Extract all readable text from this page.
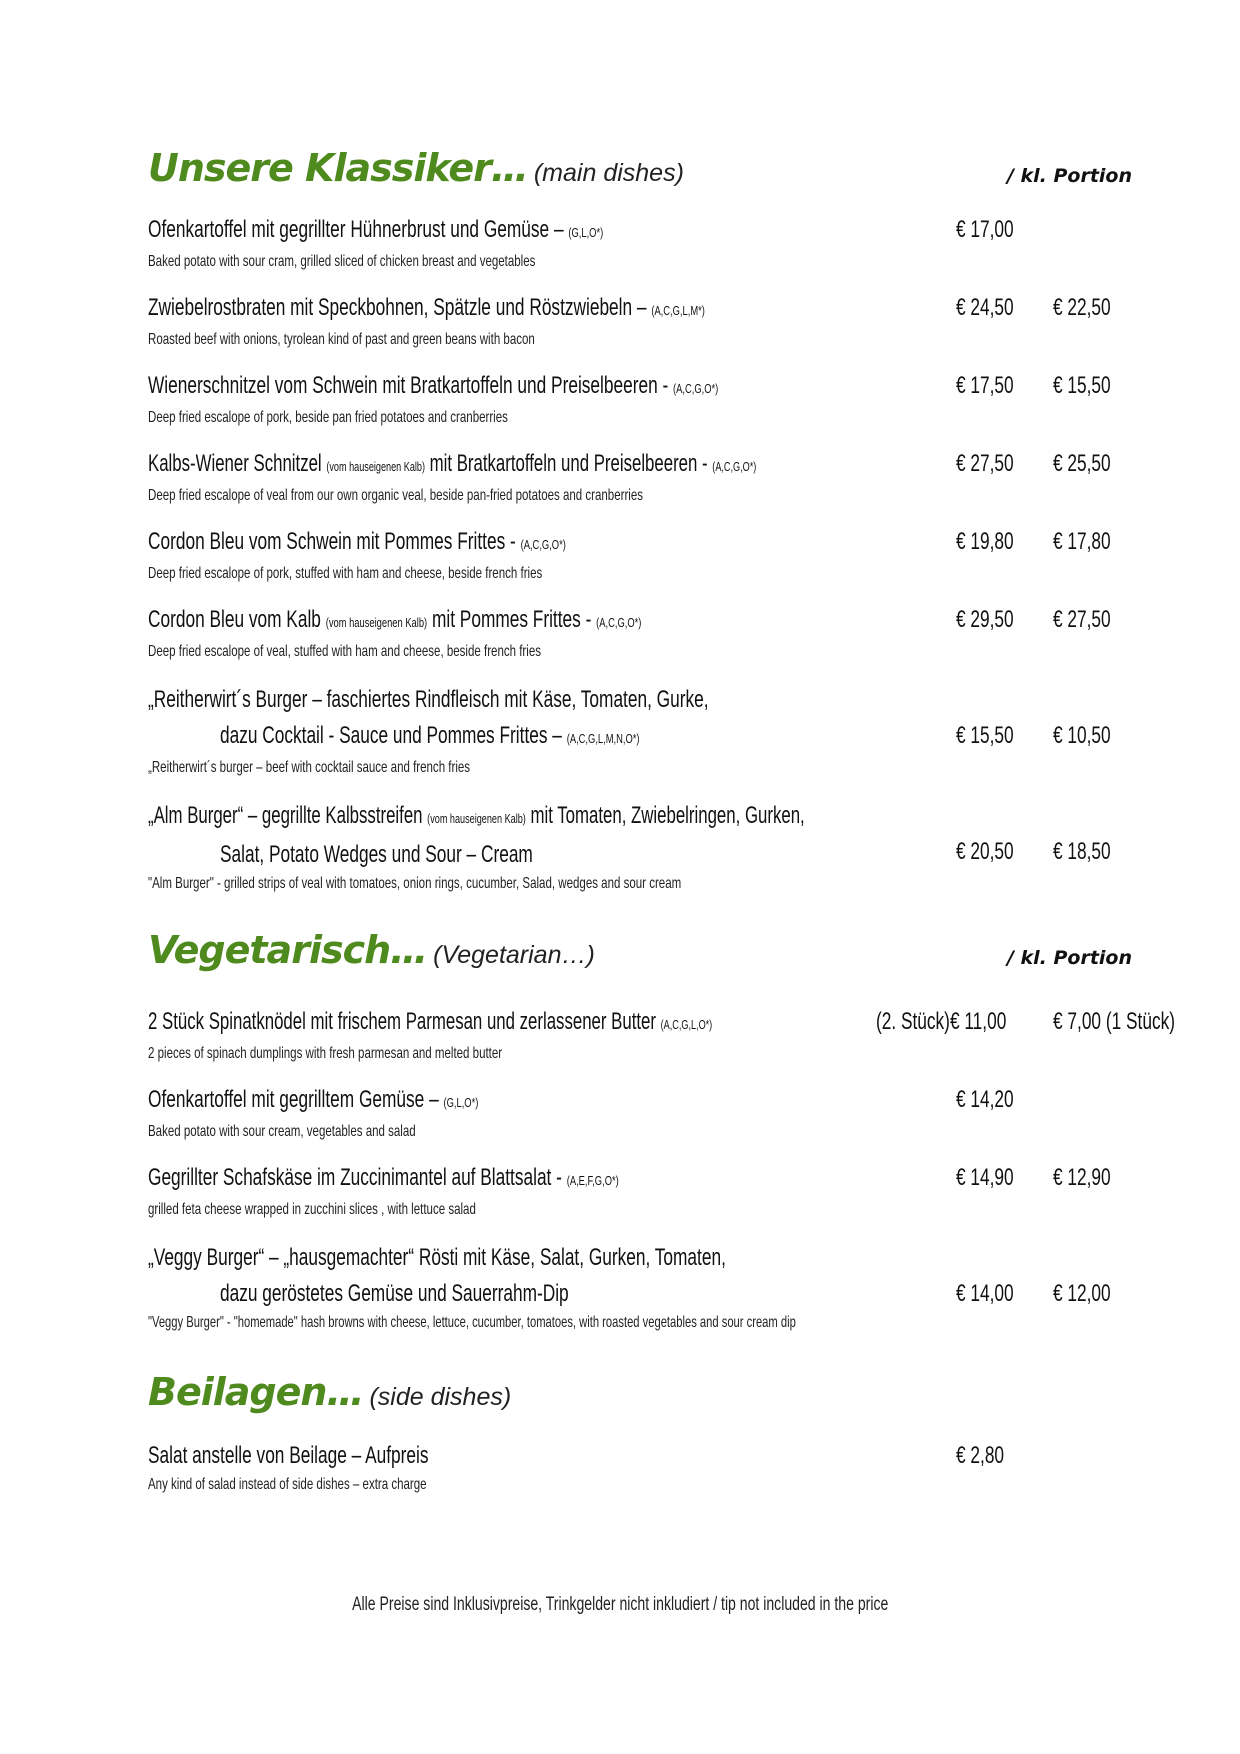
Unsere Klassiker… (main dishes)	/ kl. Portion
Ofenkartoffel mit gegrillter Hühnerbrust und Gemüse – (G,L,O*)
Baked potato with sour cram, grilled sliced of chicken breast and vegetables
€ 17,00
Zwiebelrostbraten mit Speckbohnen, Spätzle und Röstzwiebeln – (A,C,G,L,M*)
Roasted beef with onions, tyrolean kind of past and green beans with bacon
€ 24,50	€ 22,50
Wienerschnitzel vom Schwein mit Bratkartoffeln und Preiselbeeren - (A,C,G,O*)
Deep fried escalope of pork, beside pan fried potatoes and cranberries
€ 17,50	€ 15,50
Kalbs-Wiener Schnitzel (vom hauseigenen Kalb) mit Bratkartoffeln und Preiselbeeren - (A,C,G,O*)
Deep fried escalope of veal from our own organic veal, beside pan-fried potatoes and cranberries
€ 27,50	€ 25,50
Cordon Bleu vom Schwein mit Pommes Frittes - (A,C,G,O*)
Deep fried escalope of pork, stuffed with ham and cheese, beside french fries
€ 19,80	€ 17,80
Cordon Bleu vom Kalb (vom hauseigenen Kalb) mit Pommes Frittes - (A,C,G,O*)
Deep fried escalope of veal, stuffed with ham and cheese, beside french fries
€ 29,50	€ 27,50
„Reitherwirt´s Burger – faschiertes Rindfleisch mit Käse, Tomaten, Gurke,
dazu Cocktail - Sauce und Pommes Frittes – (A,C,G,L,M,N,O*)
„Reitherwirt´s burger – beef with cocktail sauce and french fries
€ 15,50	€ 10,50
„Alm Burger“ – gegrillte Kalbsstreifen (vom hauseigenen Kalb) mit Tomaten, Zwiebelringen, Gurken,
Salat, Potato Wedges und Sour – Cream
"Alm Burger" - grilled strips of veal with tomatoes, onion rings, cucumber, Salad, wedges and sour cream
€ 20,50	€ 18,50
Vegetarisch… (Vegetarian…)	/ kl. Portion
2 Stück Spinatknödel mit frischem Parmesan und zerlassener Butter (A,C,G,L,O*)
2 pieces of spinach dumplings with fresh parmesan and melted butter
(2. Stück)€ 11,00	€ 7,00 (1 Stück)
Ofenkartoffel mit gegrilltem Gemüse – (G,L,O*)
Baked potato with sour cream, vegetables and salad
€ 14,20
Gegrillter Schafskäse im Zuccinimantel auf Blattsalat - (A,E,F,G,O*)
grilled feta cheese wrapped in zucchini slices , with lettuce salad
€ 14,90	€ 12,90
„Veggy Burger“ – „hausgemachter“ Rösti mit Käse, Salat, Gurken, Tomaten,
dazu geröstetes Gemüse und Sauerrahm-Dip
"Veggy Burger" - "homemade" hash browns with cheese, lettuce, cucumber, tomatoes, with roasted vegetables and sour cream dip
€ 14,00	€ 12,00
Beilagen… (side dishes)
Salat anstelle von Beilage – Aufpreis
Any kind of salad instead of side dishes – extra charge
€ 2,80
Alle Preise sind Inklusivpreise, Trinkgelder nicht inkludiert / tip not included in the price
